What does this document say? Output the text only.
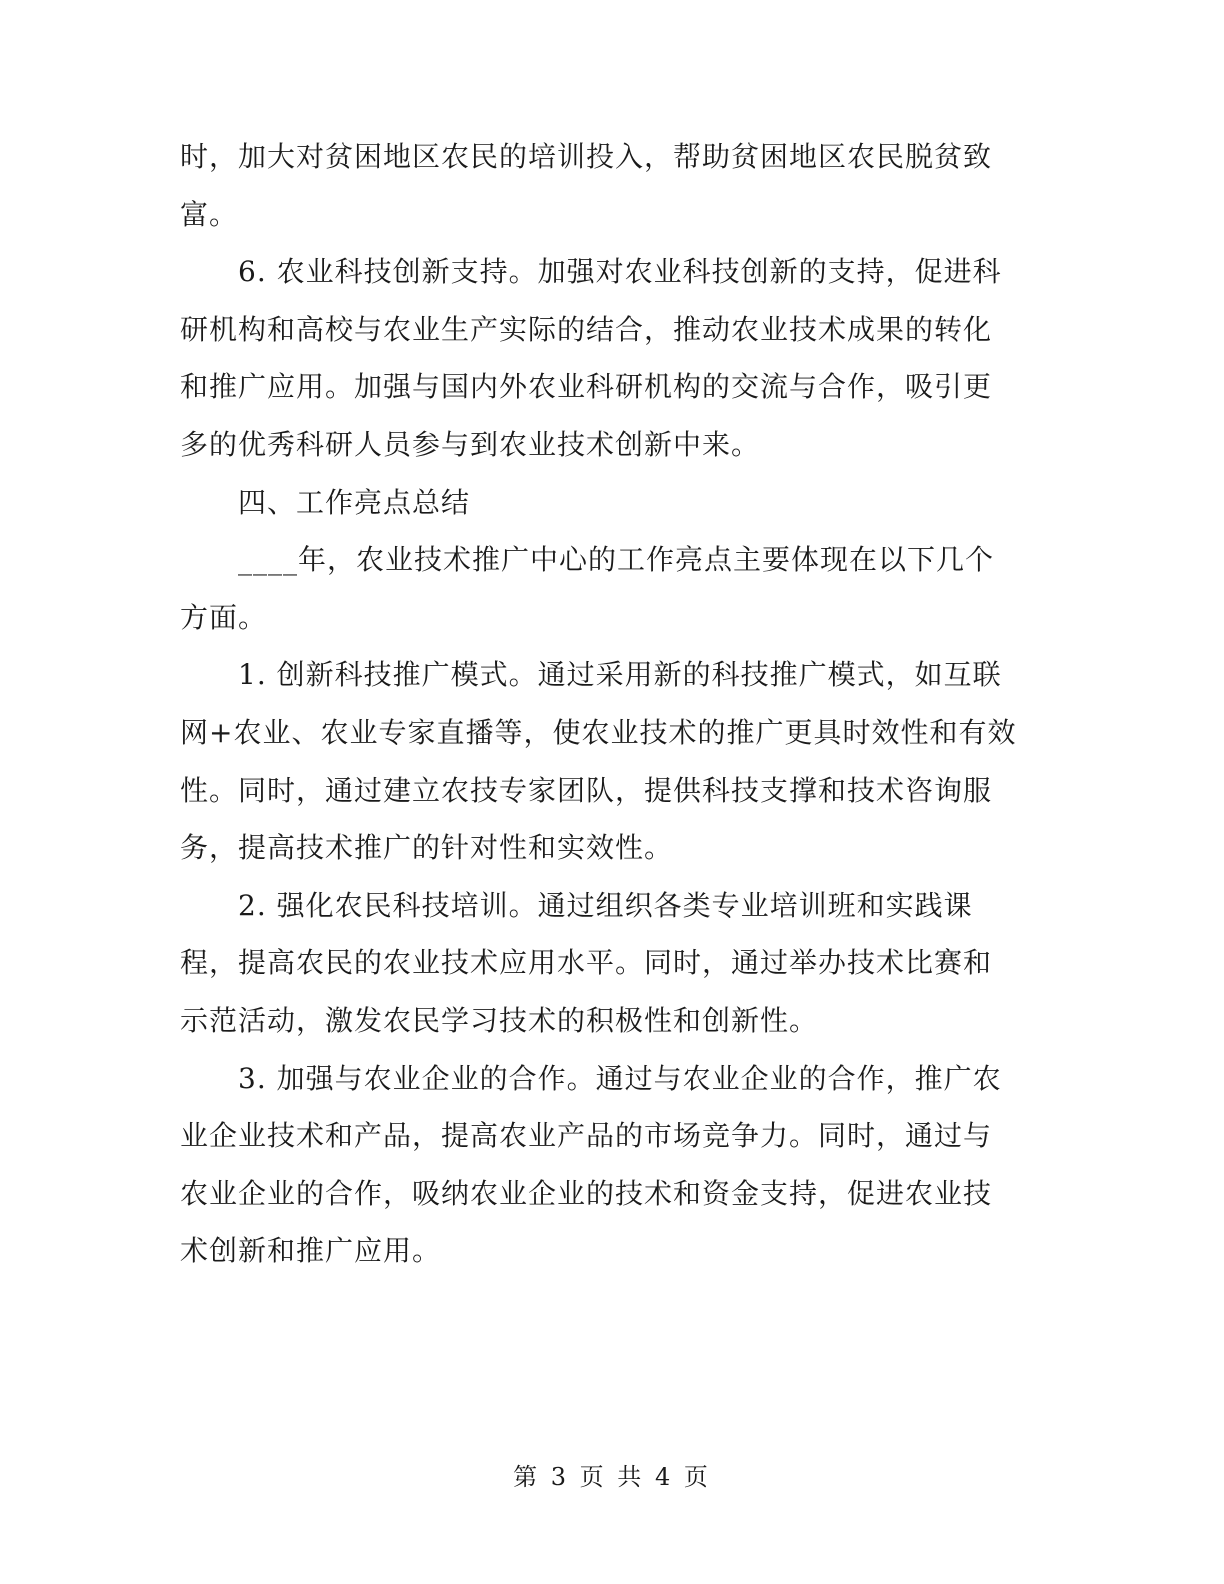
时，加大对贫困地区农民的培训投入，帮助贫困地区农民脱贫致
富。
6. 农业科技创新支持。加强对农业科技创新的支持，促进科
研机构和高校与农业生产实际的结合，推动农业技术成果的转化
和推广应用。加强与国内外农业科研机构的交流与合作，吸引更
多的优秀科研人员参与到农业技术创新中来。
四、工作亮点总结
____年，农业技术推广中心的工作亮点主要体现在以下几个
方面。
1. 创新科技推广模式。通过采用新的科技推广模式，如互联
网+农业、农业专家直播等，使农业技术的推广更具时效性和有效
性。同时，通过建立农技专家团队，提供科技支撑和技术咨询服
务，提高技术推广的针对性和实效性。
2. 强化农民科技培训。通过组织各类专业培训班和实践课
程，提高农民的农业技术应用水平。同时，通过举办技术比赛和
示范活动，激发农民学习技术的积极性和创新性。
3. 加强与农业企业的合作。通过与农业企业的合作，推广农
业企业技术和产品，提高农业产品的市场竞争力。同时，通过与
农业企业的合作，吸纳农业企业的技术和资金支持，促进农业技
术创新和推广应用。
第 3 页 共 4 页
